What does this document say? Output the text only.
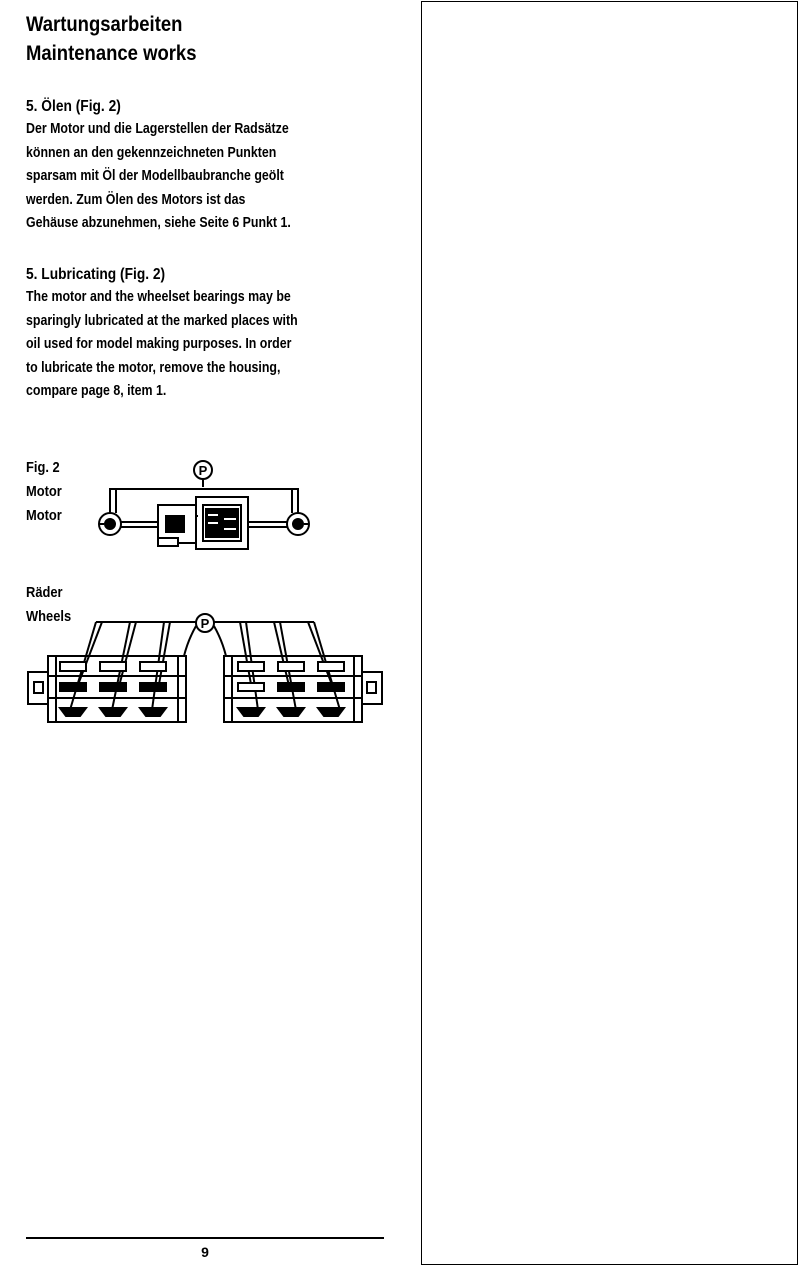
Wartungsarbeiten
Maintenance works
5. Ölen (Fig. 2)

Der Motor und die Lagerstellen der Radsätze
können an den gekennzeichneten Punkten
sparsam mit Öl der Modellbaubranche geölt
werden. Zum Ölen des Motors ist das
Gehäuse abzunehmen, siehe Seite 6 Punkt 1.

5. Lubricating (Fig. 2)

The motor and the wheelset bearings may be
sparingly lubricated at the marked places with
oil used for model making purposes. In order
to lubricate the motor, remove the housing,
compare page 8, item 1.

Fig. 2
Motor
Motor
Räder
Wheels
P
P
9
